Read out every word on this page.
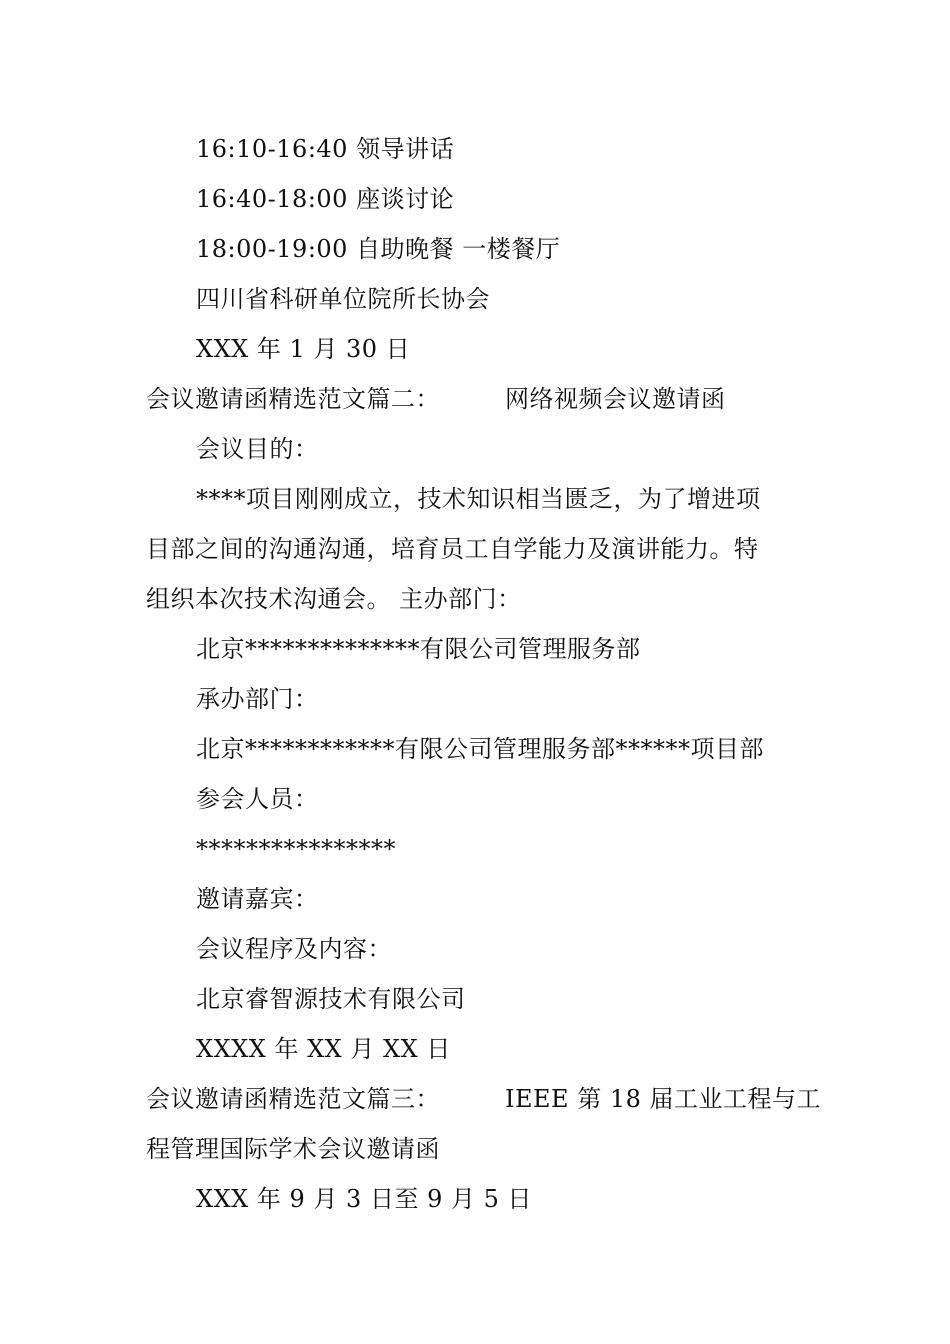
16:10-16:40 领导讲话
16:40-18:00 座谈讨论
18:00-19:00 自助晚餐 一楼餐厅
四川省科研单位院所长协会
XXX 年 1 月 30 日
会议邀请函精选范文篇二：        网络视频会议邀请函
会议目的：
****项目刚刚成立，技术知识相当匮乏，为了增进项
目部之间的沟通沟通，培育员工自学能力及演讲能力。特
组织本次技术沟通会。 主办部门：
北京**************有限公司管理服务部
承办部门：
北京************有限公司管理服务部******项目部
参会人员：
****************
邀请嘉宾：
会议程序及内容：
北京睿智源技术有限公司
XXXX 年 XX 月 XX 日
会议邀请函精选范文篇三：        IEEE 第 18 届工业工程与工
程管理国际学术会议邀请函
XXX 年 9 月 3 日至 9 月 5 日
